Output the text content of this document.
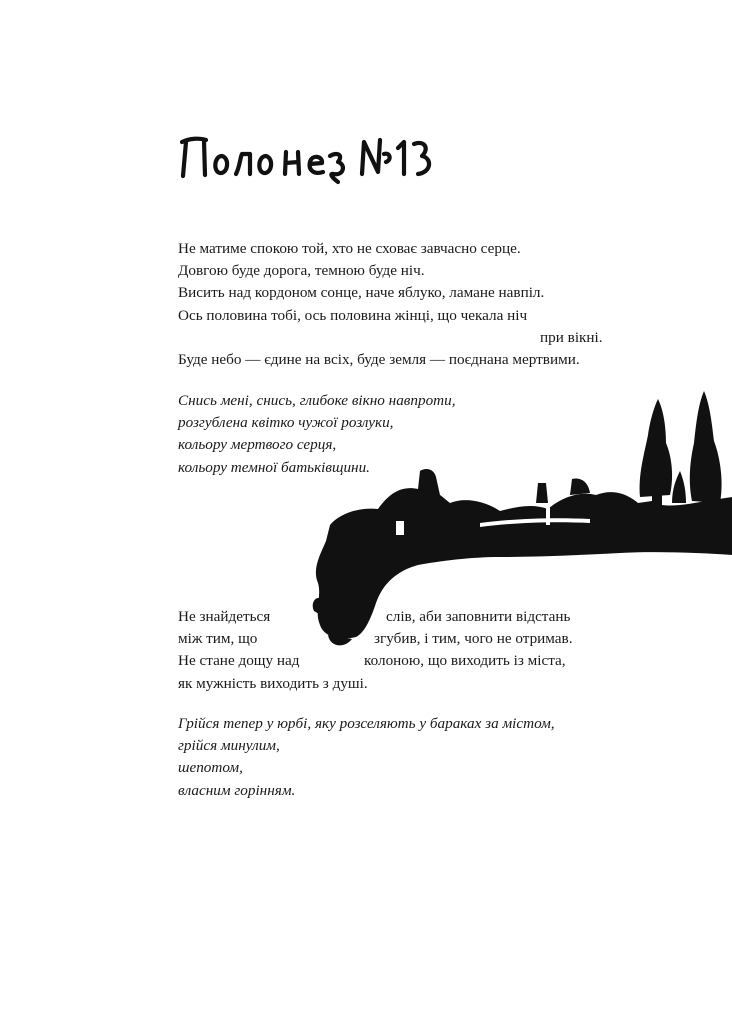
Не матиме спокою той, хто не сховає завчасно серце.
Довгою буде дорога, темною буде ніч.
Висить над кордоном сонце, наче яблуко, ламане навпіл.
Ось половина тобі, ось половина жінці, що чекала ніч
при вікні.
Буде небо — єдине на всіх, буде земля — поєднана мертвими.
Снись мені, снись, глибоке вікно навпроти,
розгублена квітко чужої розлуки,
кольору мертвого серця,
кольору темної батьківщини.
Не знайдеться	слів, аби заповнити відстань
між тим, що	згубив, і тим, чого не отримав.
Не стане дощу над	колоною, що виходить із міста,
як мужність виходить з душі.
Грійся тепер у юрбі, яку розселяють у бараках за містом,
грійся минулим,
шепотом,
власним горінням.
